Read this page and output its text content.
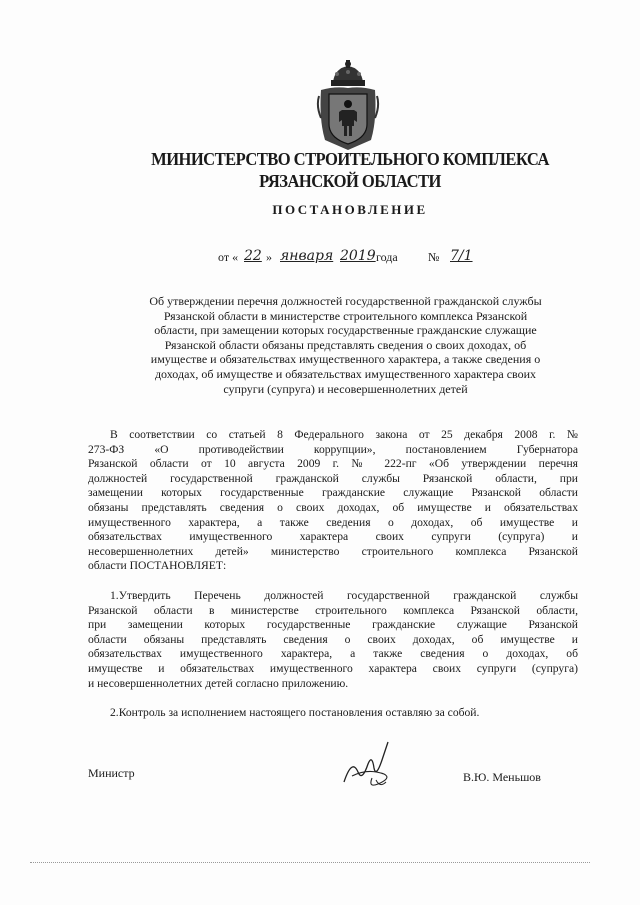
МИНИСТЕРСТВО СТРОИТЕЛЬНОГО КОМПЛЕКСА
РЯЗАНСКОЙ ОБЛАСТИ
ПОСТАНОВЛЕНИЕ
от « 22 » января 2019 года	№ 7/1
Об утверждении перечня должностей государственной гражданской службы
Рязанской области в министерстве строительного комплекса Рязанской
области, при замещении которых государственные гражданские служащие
Рязанской области обязаны представлять сведения о своих доходах, об
имуществе и обязательствах имущественного характера, а также сведения о
доходах, об имуществе и обязательствах имущественного характера своих
супруги (супруга) и несовершеннолетних детей
В соответствии со статьей 8 Федерального закона от 25 декабря 2008 г. №
273-ФЗ «О противодействии коррупции», постановлением Губернатора
Рязанской области от 10 августа 2009 г. № 222-пг «Об утверждении перечня
должностей государственной гражданской службы Рязанской области, при
замещении которых государственные гражданские служащие Рязанской области
обязаны представлять сведения о своих доходах, об имуществе и обязательствах
имущественного характера, а также сведения о доходах, об имуществе и
обязательствах имущественного характера своих супруги (супруга) и
несовершеннолетних детей» министерство строительного комплекса Рязанской
области ПОСТАНОВЛЯЕТ:
1.Утвердить Перечень должностей государственной гражданской службы
Рязанской области в министерстве строительного комплекса Рязанской области,
при замещении которых государственные гражданские служащие Рязанской
области обязаны представлять сведения о своих доходах, об имуществе и
обязательствах имущественного характера, а также сведения о доходах, об
имуществе и обязательствах имущественного характера своих супруги (супруга)
и несовершеннолетних детей согласно приложению.
2.Контроль за исполнением настоящего постановления оставляю за собой.
Министр	В.Ю. Меньшов
